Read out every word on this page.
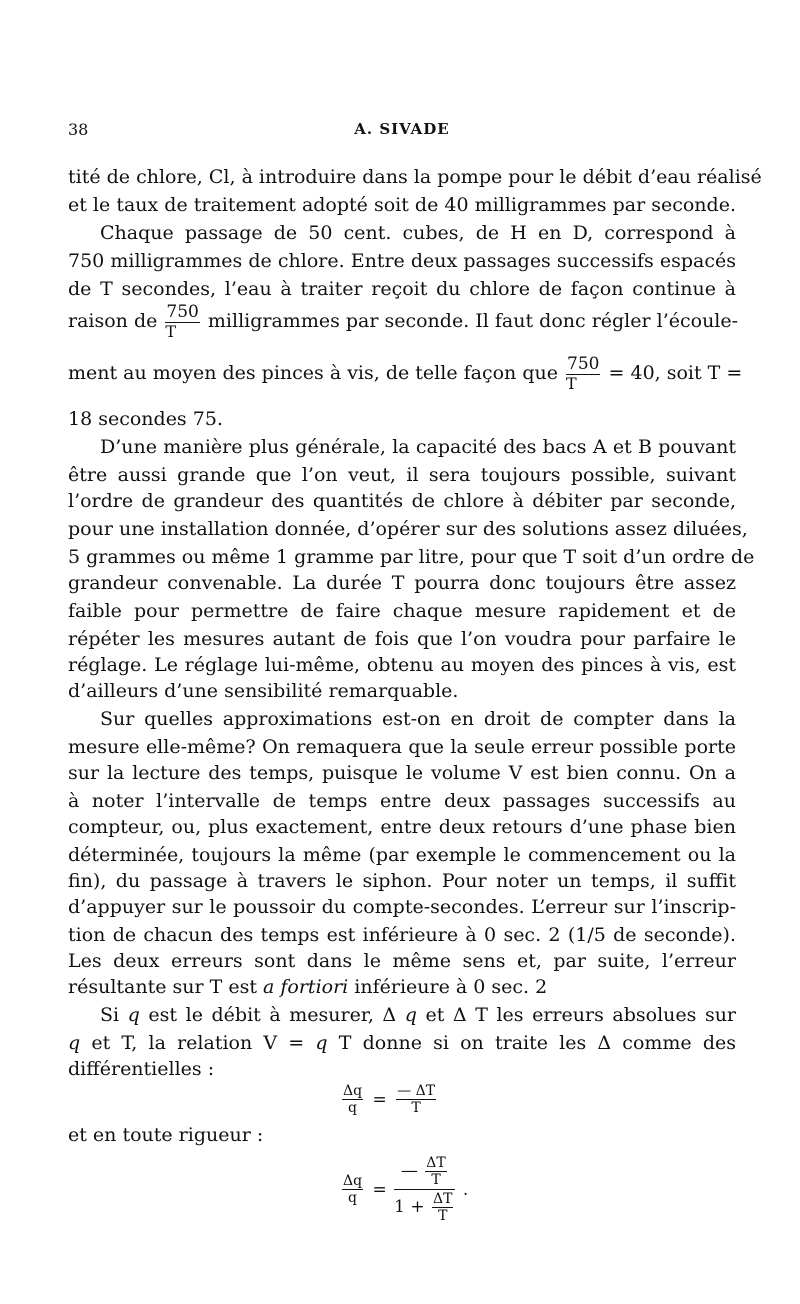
38	A. SIVADE
tité de chlore, Cl, à introduire dans la pompe pour le débit d’eau réalisé
et le taux de traitement adopté soit de 40 milligrammes par seconde.
Chaque passage de 50 cent. cubes, de H en D, correspond à
750 milligrammes de chlore. Entre deux passages successifs espacés
de T secondes, l’eau à traiter reçoit du chlore de façon continue à
raison de $\frac{750}{T}$ milligrammes par seconde. Il faut donc régler l’écoule-
ment au moyen des pinces à vis, de telle façon que $\frac{750}{T} = 40$, soit T =
18 secondes 75.
D’une manière plus générale, la capacité des bacs A et B pouvant
être aussi grande que l’on veut, il sera toujours possible, suivant
l’ordre de grandeur des quantités de chlore à débiter par seconde,
pour une installation donnée, d’opérer sur des solutions assez diluées,
5 grammes ou même 1 gramme par litre, pour que T soit d’un ordre de
grandeur convenable. La durée T pourra donc toujours être assez
faible pour permettre de faire chaque mesure rapidement et de
répéter les mesures autant de fois que l’on voudra pour parfaire le
réglage. Le réglage lui-même, obtenu au moyen des pinces à vis, est
d’ailleurs d’une sensibilité remarquable.
Sur quelles approximations est-on en droit de compter dans la
mesure elle-même? On remaquera que la seule erreur possible porte
sur la lecture des temps, puisque le volume V est bien connu. On a
à noter l’intervalle de temps entre deux passages successifs au
compteur, ou, plus exactement, entre deux retours d’une phase bien
déterminée, toujours la même (par exemple le commencement ou la
fin), du passage à travers le siphon. Pour noter un temps, il suffit
d’appuyer sur le poussoir du compte-secondes. L’erreur sur l’inscrip-
tion de chacun des temps est inférieure à 0 sec. 2 (1/5 de seconde).
Les deux erreurs sont dans le même sens et, par suite, l’erreur
résultante sur T est a fortiori inférieure à 0 sec. 2
Si q est le débit à mesurer, Δ q et Δ T les erreurs absolues sur
q et T, la relation V = q T donne si on traite les Δ comme des
différentielles :
$\frac{\Delta q}{q} = \frac{— \Delta T}{T}$
et en toute rigueur :
$\frac{\Delta q}{q} = \frac{— \frac{\Delta T}{T}}{1 + \frac{\Delta T}{T}}$ .
